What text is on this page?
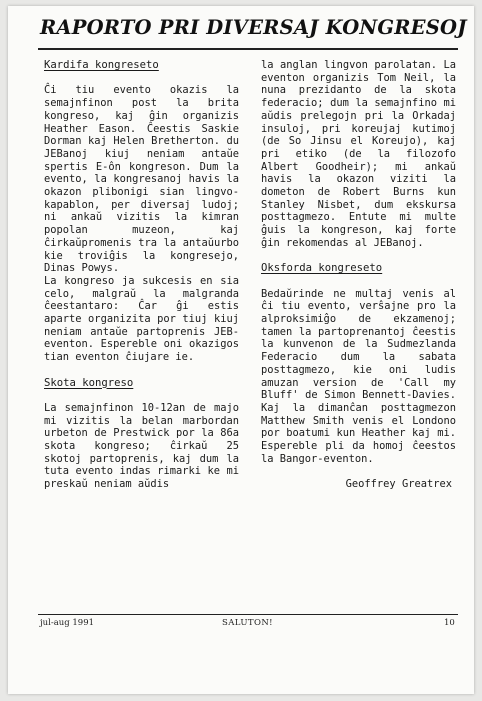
RAPORTO PRI DIVERSAJ KONGRESOJ

Kardifa kongreseto

Ĉi tiu evento okazis la semajnfinon post la brita kongreso, kaj ĝin organizis Heather Eason. Ĉeestis Saskie Dorman kaj Helen Bretherton. du JEBanoj kiuj neniam antaŭe spertis E-ôn kongreson. Dum la evento, la kongresanoj havis la okazon plibonigi sian lingvo-kapablon, per diversaj ludoj; ni ankaŭ vizitis la kimran popolan muzeon, kaj ĉirkaŭpromenis tra la antaŭurbo kie troviĝis la kongresejo, Dinas Powys.

La kongreso ja sukcesis en sia celo, malgraŭ la malgranda ĉeestantaro: Ĉar ĝi estis aparte organizita por tiuj kiuj neniam antaŭe partoprenis JEB-eventon. Espereble oni okazigos tian eventon ĉiujare ie.

Skota kongreso

La semajnfinon 10-12an de majo mi vizitis la belan marbordan urbeton de Prestwick por la 86a skota kongreso; ĉirkaŭ 25 skotoj partoprenis, kaj dum la tuta evento indas rimarki ke mi preskaŭ neniam aŭdis

la anglan lingvon parolatan. La eventon organizis Tom Neil, la nuna prezidanto de la skota federacio; dum la semajnfino mi aŭdis prelegojn pri la Orkadaj insuloj, pri koreujaj kutimoj (de So Jinsu el Koreujo), kaj pri etiko (de la filozofo Albert Goodheir); mi ankaŭ havis la okazon viziti la dometon de Robert Burns kun Stanley Nisbet, dum ekskursa posttagmezo. Entute mi multe ĝuis la kongreson, kaj forte ĝin rekomendas al JEBanoj.

Oksforda kongreseto

Bedaŭrinde ne multaj venis al ĉi tiu evento, verŝajne pro la alproksimiĝo de ekzamenoj; tamen la partoprenantoj ĉeestis la kunvenon de la Sudmezlanda Federacio dum la sabata posttagmezo, kie oni ludis amuzan version de 'Call my Bluff' de Simon Bennett-Davies. Kaj la dimanĉan posttagmezon Matthew Smith venis el Londono por boatumi kun Heather kaj mi. Espereble pli da homoj ĉeestos la Bangor-eventon.

Geoffrey Greatrex

jul-aug 1991	SALUTON!	10
